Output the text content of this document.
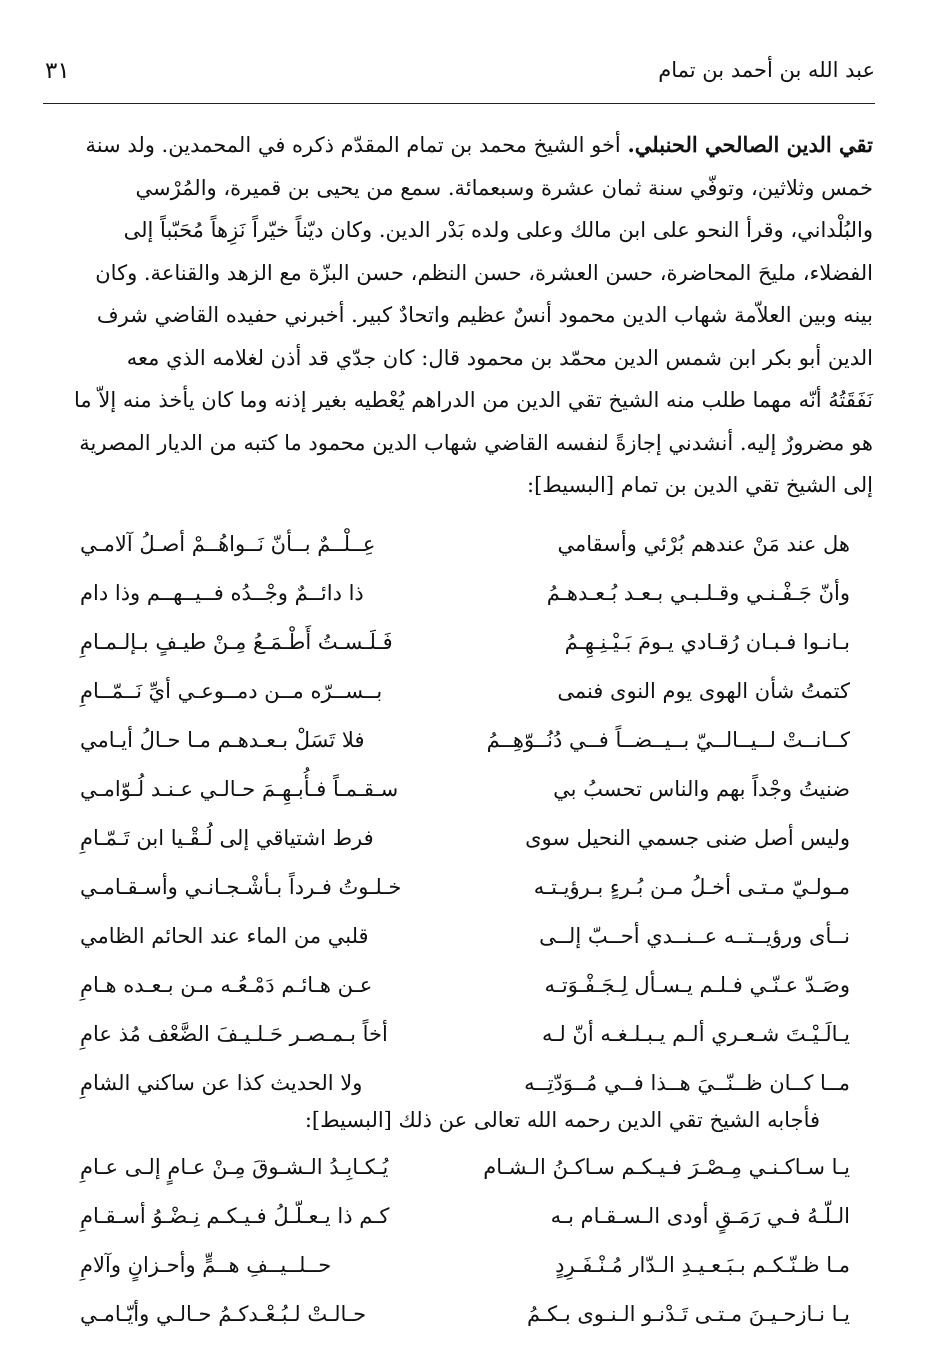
عبد الله بن أحمد بن تمام
٣١

تقي الدين الصالحي الحنبلي. أخو الشيخ محمد بن تمام المقدّم ذكره في المحمدين. ولد سنة

خمس وثلاثين، وتوفّي سنة ثمان عشرة وسبعمائة. سمع من يحيى بن قميرة، والمُرْسي

والبُلْداني، وقرأ النحو على ابن مالك وعلى ولده بَدْر الدين. وكان ديّناً خيّراً نَزِهاً مُحَبّباً إلى

الفضلاء، مليحَ المحاضرة، حسن العشرة، حسن النظم، حسن البزّة مع الزهد والقناعة. وكان

بينه وبين العلاّمة شهاب الدين محمود أنسٌ عظيم واتحادٌ كبير. أخبرني حفيده القاضي شرف

الدين أبو بكر ابن شمس الدين محمّد بن محمود قال: كان جدّي قد أذن لغلامه الذي معه

نَفَقَتُهُ أنّه مهما طلب منه الشيخ تقي الدين من الدراهم يُعْطيه بغير إذنه وما كان يأخذ منه إلاّ ما

هو مضرورٌ إليه. أنشدني إجازةً لنفسه القاضي شهاب الدين محمود ما كتبه من الديار المصرية

إلى الشيخ تقي الدين بن تمام [البسيط]:

هل عند مَنْ عندهم بُرْئي وأسقامي
عِــلْــمٌ بــأنّ نَــواهُــمْ أصـلُ آلامـي
وأنّ جَـفْـنـي وقـلـبـي بـعـد بُـعـدهـمُ
ذا دائــمٌ وجْــدُه فــيــهــم وذا دام
بـانـوا فـبـان رُقـادي يـومَ بَـيْـنِـهِـمُ
فَـلَـسـتُ أَطْـمَـعُ مِـنْ طيـفٍ بـإلـمـامِ
كتمتُ شأن الهوى يوم النوى فنمى
بــســرّه مــن دمــوعـي أيِّ نَــمّــامِ
كــانــتْ لــيــالــيّ بــيــضــاً فــي دُنُــوّهِــمُ
فلا تَسَلْ بـعـدهـم مـا حـالُ أيـامي
ضنيتُ وجْداً بهم والناس تحسبُ بي
سـقـمـاً فـأُبـهِـمَ حـالـي عـنـد لُـوّامـي
وليس أصل ضنى جسمي النحيل سوى
فرط اشتياقي إلى لُـقْـيا ابن تَـمّـامِ
مـولـيّ مـتـى أخـلُ مـن بُـرءٍ بـرؤيـتـه
خـلـوتُ فـرداً بـأشْـجـانـي وأسـقـامـي
نــأى ورؤيــتــه عــنــدي أحــبّ إلــى
قلبي من الماء عند الحائم الظامي
وصَـدّ عـنّـي فـلـم يـسـأل لِـجَـفْـوَتـه
عـن هـائـم دَمْـعُـه مـن بـعـده هـامِ
يـالَـيْـتَ شـعـري ألـم يـبـلـغـه أنّ لـه
أخاً بـمـصـر حَـلـيـفَ الضَّعْف مُذ عامِ
مــا كــان ظــنّــيَ هــذا فــي مُــوَدّتِــه
ولا الحديث كذا عن ساكني الشامِ
فأجابه الشيخ تقي الدين رحمه الله تعالى عن ذلك [البسيط]:
يـا سـاكـنـي مِـصْـرَ فـيـكـم سـاكـنُ الـشـام
يُـكـابِـدُ الـشـوقَ مِـنْ عـامٍ إلـى عـامِ
الـلّـهُ فـي رَمَـقٍ أودى الـسـقـام بـه
كـم ذا يـعـلّـلُ فـيـكـم نِـضْـوُ أسـقـامِ
مـا ظـنّـكـم بـبَـعـيـدِ الـدّار مُـنْـفَـرِدٍ
حــلــيــفِ هــمٍّ وأحـزانٍ وآلامِ
يـا نـازحـيـنَ مـتـى تَـدْنـو الـنـوى بـكـمُ
حـالـتْ لـبُـعْـدكـمُ حـالـي وأيّـامـي
